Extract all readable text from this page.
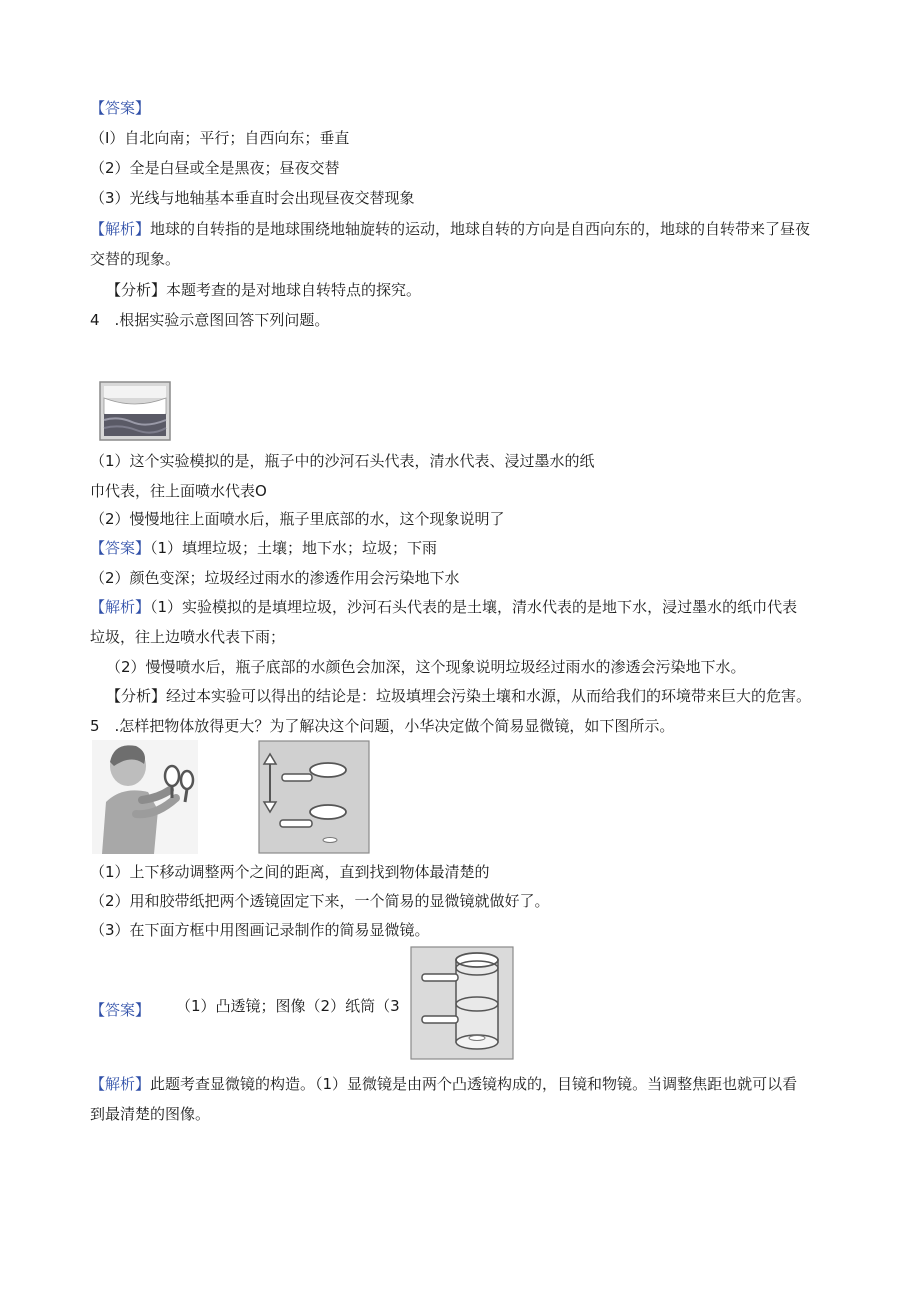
【答案】
（I）自北向南；平行；自西向东；垂直
（2）全是白昼或全是黑夜；昼夜交替
（3）光线与地轴基本垂直时会出现昼夜交替现象
【解析】地球的自转指的是地球围绕地轴旋转的运动，地球自转的方向是自西向东的，地球的自转带来了昼夜
交替的现象。
【分析】本题考查的是对地球自转特点的探究。
4　.根据实验示意图回答下列问题。
（1）这个实验模拟的是，瓶子中的沙河石头代表，清水代表、浸过墨水的纸
巾代表，往上面喷水代表O
（2）慢慢地往上面喷水后，瓶子里底部的水，这个现象说明了
【答案】（1）填埋垃圾；土壤；地下水；垃圾；下雨
（2）颜色变深；垃圾经过雨水的渗透作用会污染地下水
【解析】（1）实验模拟的是填埋垃圾，沙河石头代表的是土壤，清水代表的是地下水，浸过墨水的纸巾代表
垃圾，往上边喷水代表下雨；
（2）慢慢喷水后，瓶子底部的水颜色会加深，这个现象说明垃圾经过雨水的渗透会污染地下水。
【分析】经过本实验可以得出的结论是：垃圾填埋会污染土壤和水源，从而给我们的环境带来巨大的危害。
5　.怎样把物体放得更大？为了解决这个问题，小华决定做个简易显微镜，如下图所示。
（1）上下移动调整两个之间的距离，直到找到物体最清楚的
（2）用和胶带纸把两个透镜固定下来，一个简易的显微镜就做好了。
（3）在下面方框中用图画记录制作的简易显微镜。
【答案】 （1）凸透镜；图像（2）纸筒（3
【解析】此题考查显微镜的构造。（1）显微镜是由两个凸透镜构成的，目镜和物镜。当调整焦距也就可以看
到最清楚的图像。
